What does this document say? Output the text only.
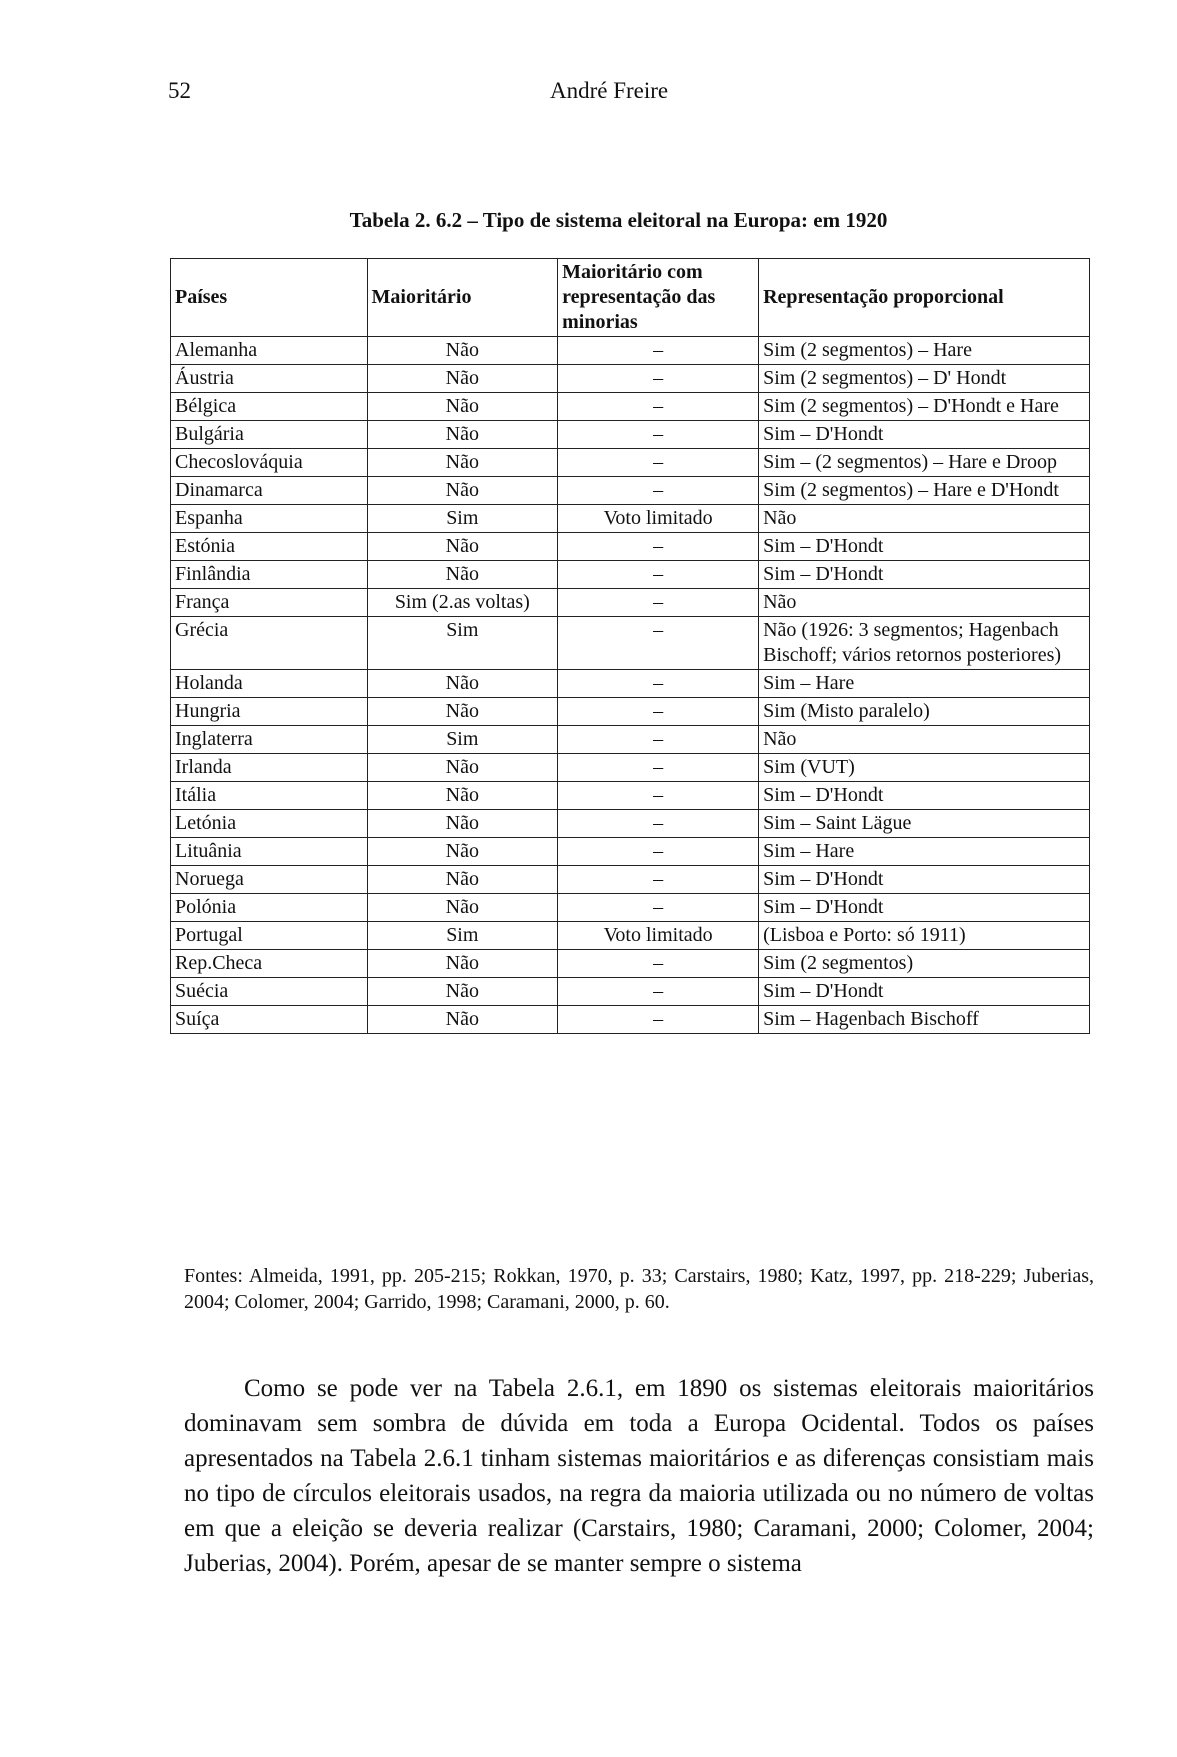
52	André Freire
Tabela 2. 6.2 – Tipo de sistema eleitoral na Europa: em 1920
Países	Maioritário	Maioritário com representação das minorias	Representação proporcional
Alemanha	Não	–	Sim (2 segmentos) – Hare
Áustria	Não	–	Sim (2 segmentos) – D' Hondt
Bélgica	Não	–	Sim (2 segmentos) – D'Hondt e Hare
Bulgária	Não	–	Sim – D'Hondt
Checoslováquia	Não	–	Sim – (2 segmentos) – Hare e Droop
Dinamarca	Não	–	Sim (2 segmentos) – Hare e D'Hondt
Espanha	Sim	Voto limitado	Não
Estónia	Não	–	Sim – D'Hondt
Finlândia	Não	–	Sim – D'Hondt
França	Sim (2.as voltas)	–	Não
Grécia	Sim	–	Não (1926: 3 segmentos; Hagenbach Bischoff; vários retornos posteriores)
Holanda	Não	–	Sim – Hare
Hungria	Não	–	Sim (Misto paralelo)
Inglaterra	Sim	–	Não
Irlanda	Não	–	Sim (VUT)
Itália	Não	–	Sim – D'Hondt
Letónia	Não	–	Sim – Saint Lägue
Lituânia	Não	–	Sim – Hare
Noruega	Não	–	Sim – D'Hondt
Polónia	Não	–	Sim – D'Hondt
Portugal	Sim	Voto limitado	(Lisboa e Porto: só 1911)
Rep.Checa	Não	–	Sim (2 segmentos)
Suécia	Não	–	Sim – D'Hondt
Suíça	Não	–	Sim – Hagenbach Bischoff
Fontes: Almeida, 1991, pp. 205-215; Rokkan, 1970, p. 33; Carstairs, 1980; Katz, 1997, pp. 218-229; Juberias, 2004; Colomer, 2004; Garrido, 1998; Caramani, 2000, p. 60.
Como se pode ver na Tabela 2.6.1, em 1890 os sistemas eleitorais maioritários dominavam sem sombra de dúvida em toda a Europa Ocidental. Todos os países apresentados na Tabela 2.6.1 tinham sistemas maioritários e as diferenças consistiam mais no tipo de círculos eleitorais usados, na regra da maioria utilizada ou no número de voltas em que a eleição se deveria realizar (Carstairs, 1980; Caramani, 2000; Colomer, 2004; Juberias, 2004). Porém, apesar de se manter sempre o sistema
